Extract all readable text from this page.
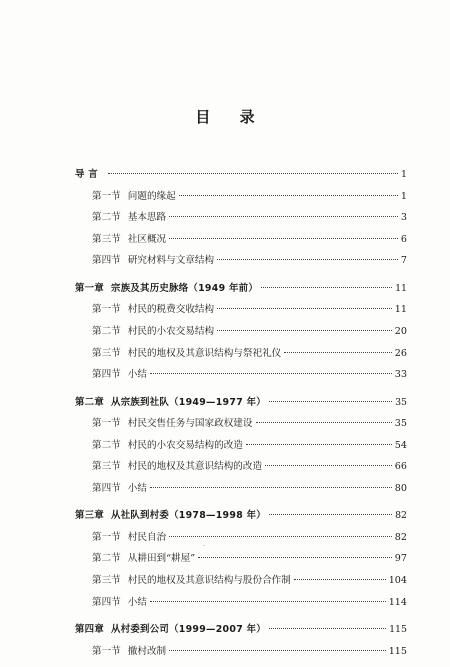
目 录
导 言	1
第一节 问题的缘起	1
第二节 基本思路	3
第三节 社区概况	6
第四节 研究材料与文章结构	7
第一章 宗族及其历史脉络（1949 年前）	11
第一节 村民的税费交收结构	11
第二节 村民的小农交易结构	20
第三节 村民的地权及其意识结构与祭祀礼仪	26
第四节 小结	33
第二章 从宗族到社队（1949—1977 年）	35
第一节 村民交售任务与国家政权建设	35
第二节 村民的小农交易结构的改造	54
第三节 村民的地权及其意识结构的改造	66
第四节 小结	80
第三章 从社队到村委（1978—1998 年）	82
第一节 村民自治	82
第二节 从耕田到“耕屋”	97
第三节 村民的地权及其意识结构与股份合作制	104
第四节 小结	114
第四章 从村委到公司（1999—2007 年）	115
第一节 撤村改制	115
·
